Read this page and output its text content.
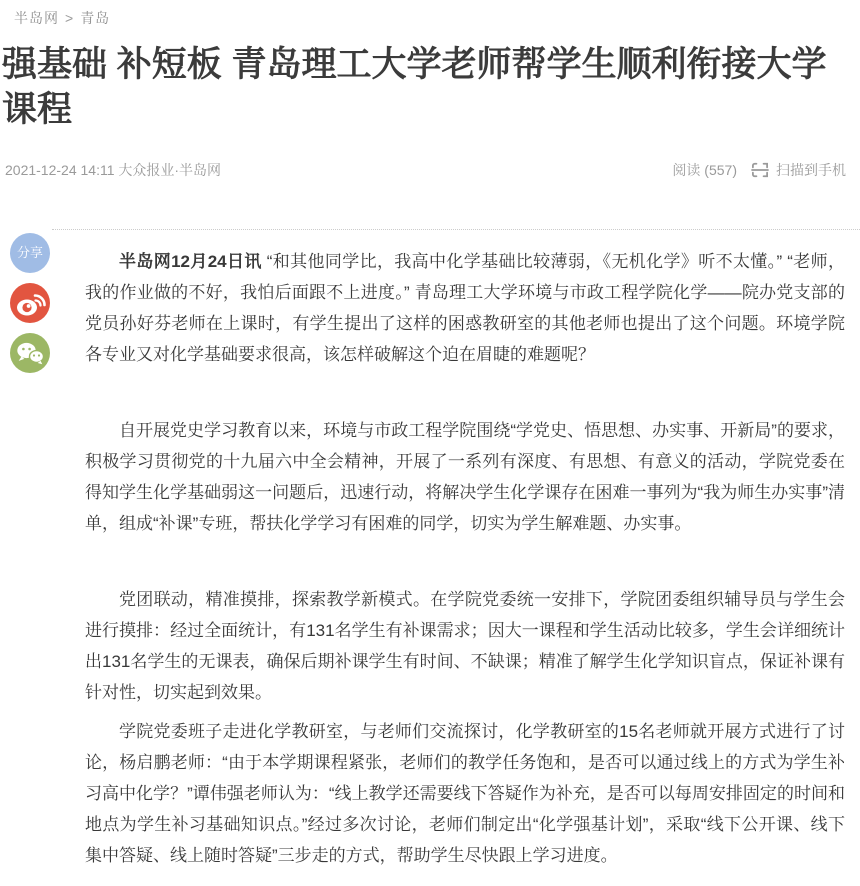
半岛网 > 青岛
强基础 补短板 青岛理工大学老师帮学生顺利衔接大学课程
2021-12-24 14:11 大众报业·半岛网	阅读 (557)	扫描到手机
分享	半岛网12月24日讯 “和其他同学比，我高中化学基础比较薄弱，《无机化学》听不太懂。” “老师，我的作业做的不好，我怕后面跟不上进度。” 青岛理工大学环境与市政工程学院化学——院办党支部的党员孙好芬老师在上课时，有学生提出了这样的困惑教研室的其他老师也提出了这个问题。环境学院各专业又对化学基础要求很高，该怎样破解这个迫在眉睫的难题呢？

自开展党史学习教育以来，环境与市政工程学院围绕“学党史、悟思想、办实事、开新局”的要求，积极学习贯彻党的十九届六中全会精神，开展了一系列有深度、有思想、有意义的活动，学院党委在得知学生化学基础弱这一问题后，迅速行动，将解决学生化学课存在困难一事列为“我为师生办实事”清单，组成“补课”专班，帮扶化学学习有困难的同学，切实为学生解难题、办实事。

党团联动，精准摸排，探索教学新模式。在学院党委统一安排下，学院团委组织辅导员与学生会进行摸排：经过全面统计，有131名学生有补课需求；因大一课程和学生活动比较多，学生会详细统计出131名学生的无课表，确保后期补课学生有时间、不缺课；精准了解学生化学知识盲点，保证补课有针对性，切实起到效果。

学院党委班子走进化学教研室，与老师们交流探讨，化学教研室的15名老师就开展方式进行了讨论，杨启鹏老师：“由于本学期课程紧张，老师们的教学任务饱和，是否可以通过线上的方式为学生补习高中化学？”谭伟强老师认为：“线上教学还需要线下答疑作为补充，是否可以每周安排固定的时间和地点为学生补习基础知识点。”经过多次讨论，老师们制定出“化学强基计划”，采取“线下公开课、线下集中答疑、线上随时答疑”三步走的方式，帮助学生尽快跟上学习进度。
